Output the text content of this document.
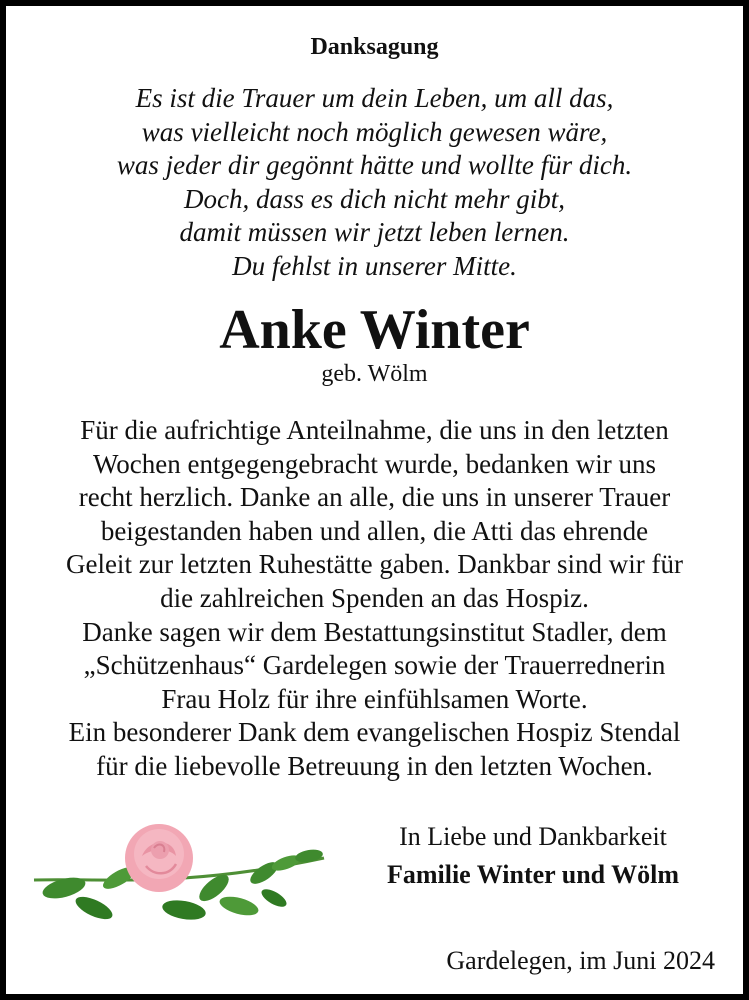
Danksagung
Es ist die Trauer um dein Leben, um all das,
was vielleicht noch möglich gewesen wäre,
was jeder dir gegönnt hätte und wollte für dich.
Doch, dass es dich nicht mehr gibt,
damit müssen wir jetzt leben lernen.
Du fehlst in unserer Mitte.
Anke Winter
geb. Wölm
Für die aufrichtige Anteilnahme, die uns in den letzten
Wochen entgegengebracht wurde, bedanken wir uns
recht herzlich. Danke an alle, die uns in unserer Trauer
beigestanden haben und allen, die Atti das ehrende
Geleit zur letzten Ruhestätte gaben. Dankbar sind wir für
die zahlreichen Spenden an das Hospiz.
Danke sagen wir dem Bestattungsinstitut Stadler, dem
„Schützenhaus“ Gardelegen sowie der Trauerrednerin
Frau Holz für ihre einfühlsamen Worte.
Ein besonderer Dank dem evangelischen Hospiz Stendal
für die liebevolle Betreuung in den letzten Wochen.
In Liebe und Dankbarkeit
Familie Winter und Wölm
Gardelegen, im Juni 2024
